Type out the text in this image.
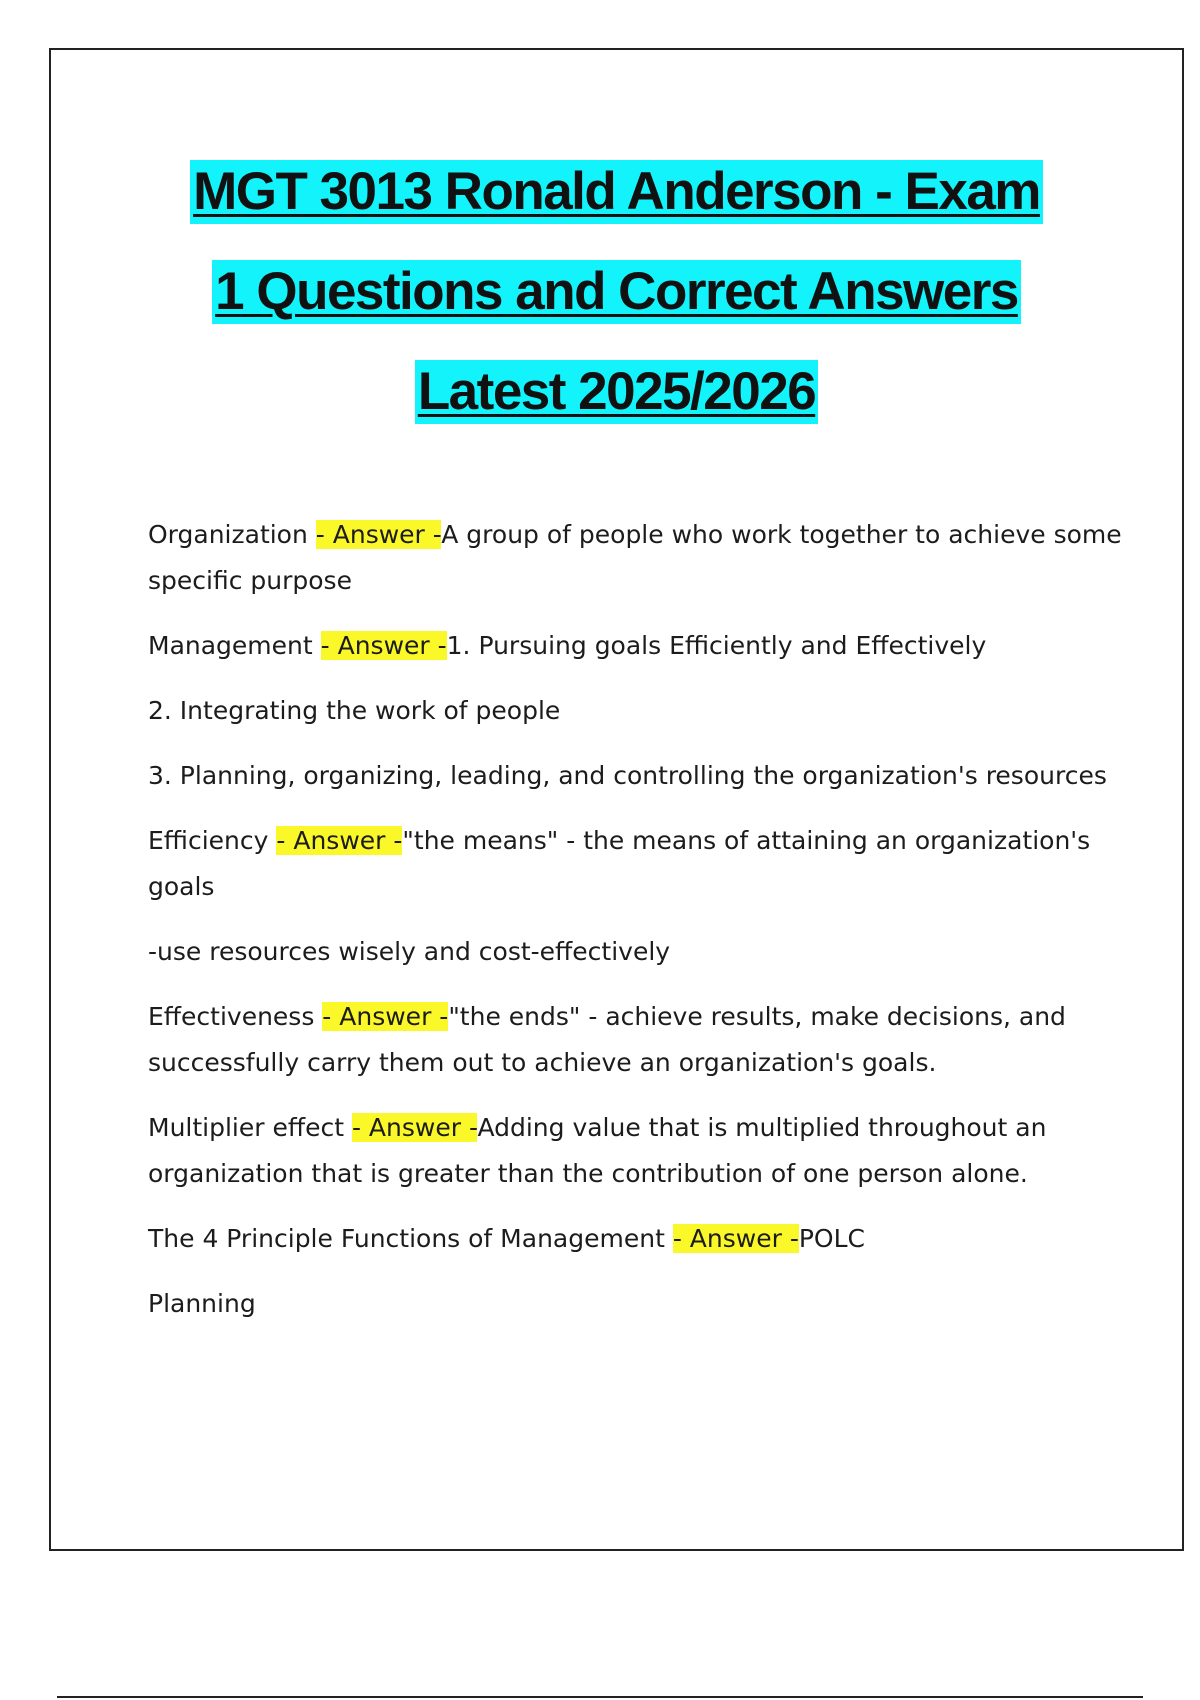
MGT 3013 Ronald Anderson - Exam
1 Questions and Correct Answers
Latest 2025/2026

Organization - Answer -A group of people who work together to achieve some specific purpose

Management - Answer -1. Pursuing goals Efficiently and Effectively

2. Integrating the work of people

3. Planning, organizing, leading, and controlling the organization's resources

Efficiency - Answer -"the means" - the means of attaining an organization's goals

-use resources wisely and cost-effectively

Effectiveness - Answer -"the ends" - achieve results, make decisions, and successfully carry them out to achieve an organization's goals.

Multiplier effect - Answer -Adding value that is multiplied throughout an organization that is greater than the contribution of one person alone.

The 4 Principle Functions of Management - Answer -POLC

Planning
